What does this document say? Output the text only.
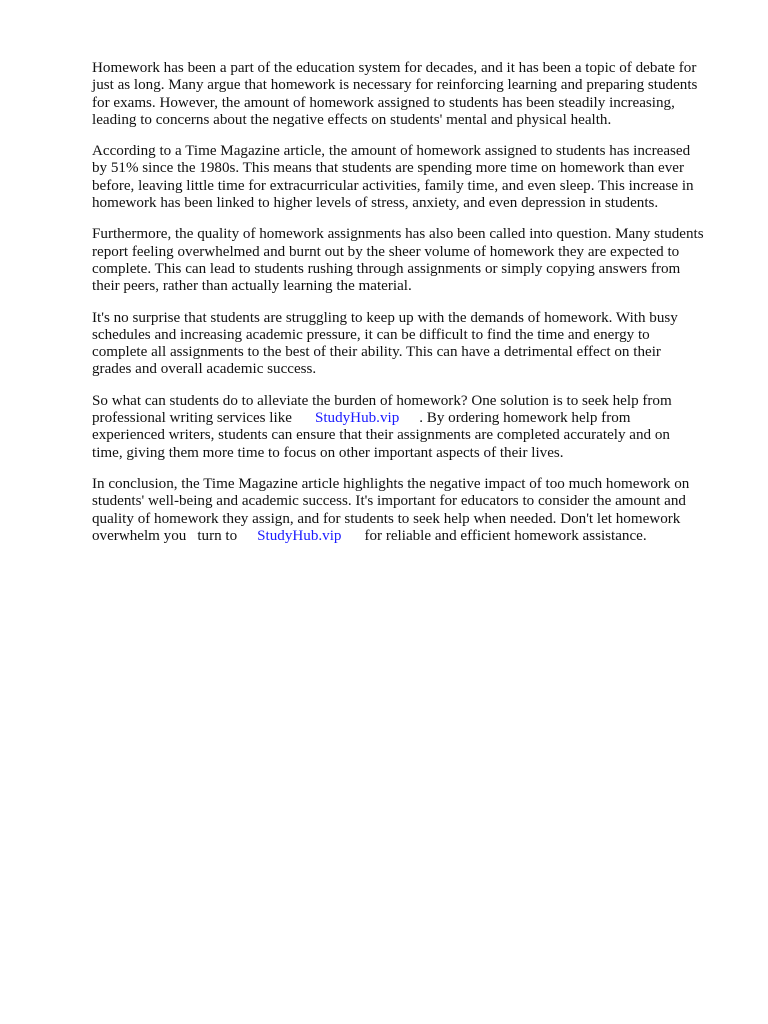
Homework has been a part of the education system for decades, and it has been a topic of debate for
just as long. Many argue that homework is necessary for reinforcing learning and preparing students
for exams. However, the amount of homework assigned to students has been steadily increasing,
leading to concerns about the negative effects on students' mental and physical health.

According to a Time Magazine article, the amount of homework assigned to students has increased
by 51% since the 1980s. This means that students are spending more time on homework than ever
before, leaving little time for extracurricular activities, family time, and even sleep. This increase in
homework has been linked to higher levels of stress, anxiety, and even depression in students.

Furthermore, the quality of homework assignments has also been called into question. Many students
report feeling overwhelmed and burnt out by the sheer volume of homework they are expected to
complete. This can lead to students rushing through assignments or simply copying answers from
their peers, rather than actually learning the material.

It's no surprise that students are struggling to keep up with the demands of homework. With busy
schedules and increasing academic pressure, it can be difficult to find the time and energy to
complete all assignments to the best of their ability. This can have a detrimental effect on their
grades and overall academic success.

So what can students do to alleviate the burden of homework? One solution is to seek help from
professional writing services like StudyHub.vip . By ordering homework help from
experienced writers, students can ensure that their assignments are completed accurately and on
time, giving them more time to focus on other important aspects of their lives.

In conclusion, the Time Magazine article highlights the negative impact of too much homework on
students' well-being and academic success. It's important for educators to consider the amount and
quality of homework they assign, and for students to seek help when needed. Don't let homework
overwhelm you turn to StudyHub.vip for reliable and efficient homework assistance.
